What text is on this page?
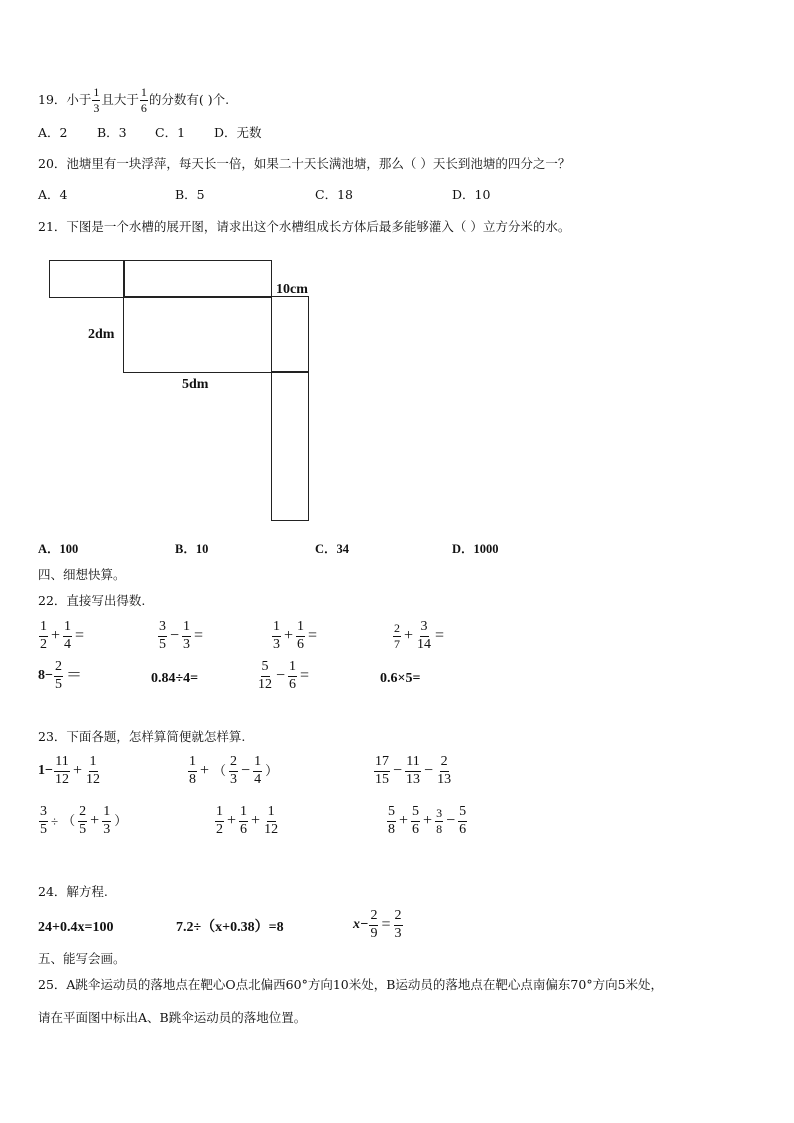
19．小于 $\frac{1}{3}$ 且大于 $\frac{1}{6}$ 的分数有( )个.
A．2 B．3 C．1 D．无数
20．池塘里有一块浮萍，每天长一倍，如果二十天长满池塘，那么（ ）天长到池塘的四分之一？
A．4	B．5	C．18	D．10
21．下图是一个水槽的展开图，请求出这个水槽组成长方体后最多能够灌入（ ）立方分米的水。
10cm
2dm
5dm
A．100	B．10	C．34	D．1000
四、细想快算。
22．直接写出得数.
$\frac{1}{2} + \frac{1}{4}$ =	$\frac{3}{5} - \frac{1}{3}$ =	$\frac{1}{3} + \frac{1}{6}$ =	$\frac{2}{7} + \frac{3}{14}$ =
$8- \frac{2}{5}$ ＝	0.84÷4=	$\frac{5}{12} - \frac{1}{6}$ =	0.6×5=
23．下面各题，怎样算简便就怎样算.
$1- \frac{11}{12} + \frac{1}{12}$	$\frac{1}{8}$ + （ $\frac{2}{3} - \frac{1}{4}$ ）	$\frac{17}{15} - \frac{11}{13} - \frac{2}{13}$
$\frac{3}{5}$ ÷ （ $\frac{2}{5} + \frac{1}{3}$ ）	$\frac{1}{2} + \frac{1}{6} + \frac{1}{12}$	$\frac{5}{8} + \frac{5}{6} + \frac{3}{8} - \frac{5}{6}$
24．解方程.
24+0.4x=100	7.2÷（x+0.38）=8	$x- \frac{2}{9} = \frac{2}{3}$
五、能写会画。
25．A跳伞运动员的落地点在靶心O点北偏西60°方向10米处，B运动员的落地点在靶心点南偏东70°方向5米处，
请在平面图中标出A、B跳伞运动员的落地位置。
